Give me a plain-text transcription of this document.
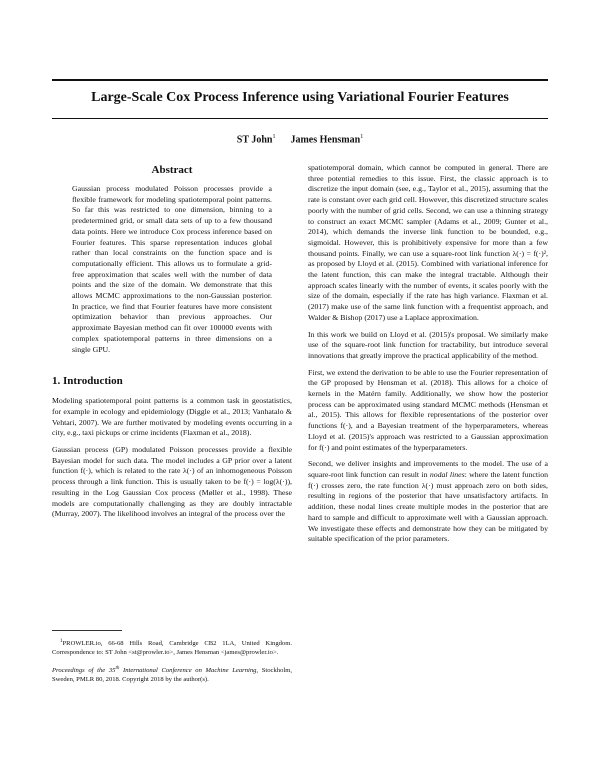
Large-Scale Cox Process Inference using Variational Fourier Features
ST John$^1$ James Hensman$^1$
Abstract

Gaussian process modulated Poisson processes provide a flexible framework for modeling spatiotemporal point patterns. So far this was restricted to one dimension, binning to a predetermined grid, or small data sets of up to a few thousand data points. Here we introduce Cox process inference based on Fourier features. This sparse representation induces global rather than local constraints on the function space and is computationally efficient. This allows us to formulate a grid-free approximation that scales well with the number of data points and the size of the domain. We demonstrate that this allows MCMC approximations to the non-Gaussian posterior. In practice, we find that Fourier features have more consistent optimization behavior than previous approaches. Our approximate Bayesian method can fit over 100000 events with complex spatiotemporal patterns in three dimensions on a single GPU.

1. Introduction

Modeling spatiotemporal point patterns is a common task in geostatistics, for example in ecology and epidemiology (Diggle et al., 2013; Vanhatalo & Vehtari, 2007). We are further motivated by modeling events occurring in a city, e.g., taxi pickups or crime incidents (Flaxman et al., 2018).

Gaussian process (GP) modulated Poisson processes provide a flexible Bayesian model for such data. The model includes a GP prior over a latent function f(·), which is related to the rate λ(·) of an inhomogeneous Poisson process through a link function. This is usually taken to be f(·) = log(λ(·)), resulting in the Log Gaussian Cox process (Møller et al., 1998). These models are computationally challenging as they are doubly intractable (Murray, 2007). The likelihood involves an integral of the process over the

$^1$PROWLER.io, 66-68 Hills Road, Cambridge CB2 1LA, United Kingdom. Correspondence to: ST John <st@prowler.io>, James Hensman <james@prowler.io>.

Proceedings of the 35th International Conference on Machine Learning, Stockholm, Sweden, PMLR 80, 2018. Copyright 2018 by the author(s).

spatiotemporal domain, which cannot be computed in general. There are three potential remedies to this issue. First, the classic approach is to discretize the input domain (see, e.g., Taylor et al., 2015), assuming that the rate is constant over each grid cell. However, this discretized structure scales poorly with the number of grid cells. Second, we can use a thinning strategy to construct an exact MCMC sampler (Adams et al., 2009; Gunter et al., 2014), which demands the inverse link function to be bounded, e.g., sigmoidal. However, this is prohibitively expensive for more than a few thousand points. Finally, we can use a square-root link function λ(·) = f(·)², as proposed by Lloyd et al. (2015). Combined with variational inference for the latent function, this can make the integral tractable. Although their approach scales linearly with the number of events, it scales poorly with the size of the domain, especially if the rate has high variance. Flaxman et al. (2017) make use of the same link function with a frequentist approach, and Walder & Bishop (2017) use a Laplace approximation.

In this work we build on Lloyd et al. (2015)'s proposal. We similarly make use of the square-root link function for tractability, but introduce several innovations that greatly improve the practical applicability of the method.

First, we extend the derivation to be able to use the Fourier representation of the GP proposed by Hensman et al. (2018). This allows for a choice of kernels in the Matérn family. Additionally, we show how the posterior process can be approximated using standard MCMC methods (Hensman et al., 2015). This allows for flexible representations of the posterior over functions f(·), and a Bayesian treatment of the hyperparameters, whereas Lloyd et al. (2015)'s approach was restricted to a Gaussian approximation for f(·) and point estimates of the hyperparameters.

Second, we deliver insights and improvements to the model. The use of a square-root link function can result in nodal lines: where the latent function f(·) crosses zero, the rate function λ(·) must approach zero on both sides, resulting in regions of the posterior that have unsatisfactory artifacts. In addition, these nodal lines create multiple modes in the posterior that are hard to sample and difficult to approximate well with a Gaussian approach. We investigate these effects and demonstrate how they can be mitigated by suitable specification of the prior parameters.
